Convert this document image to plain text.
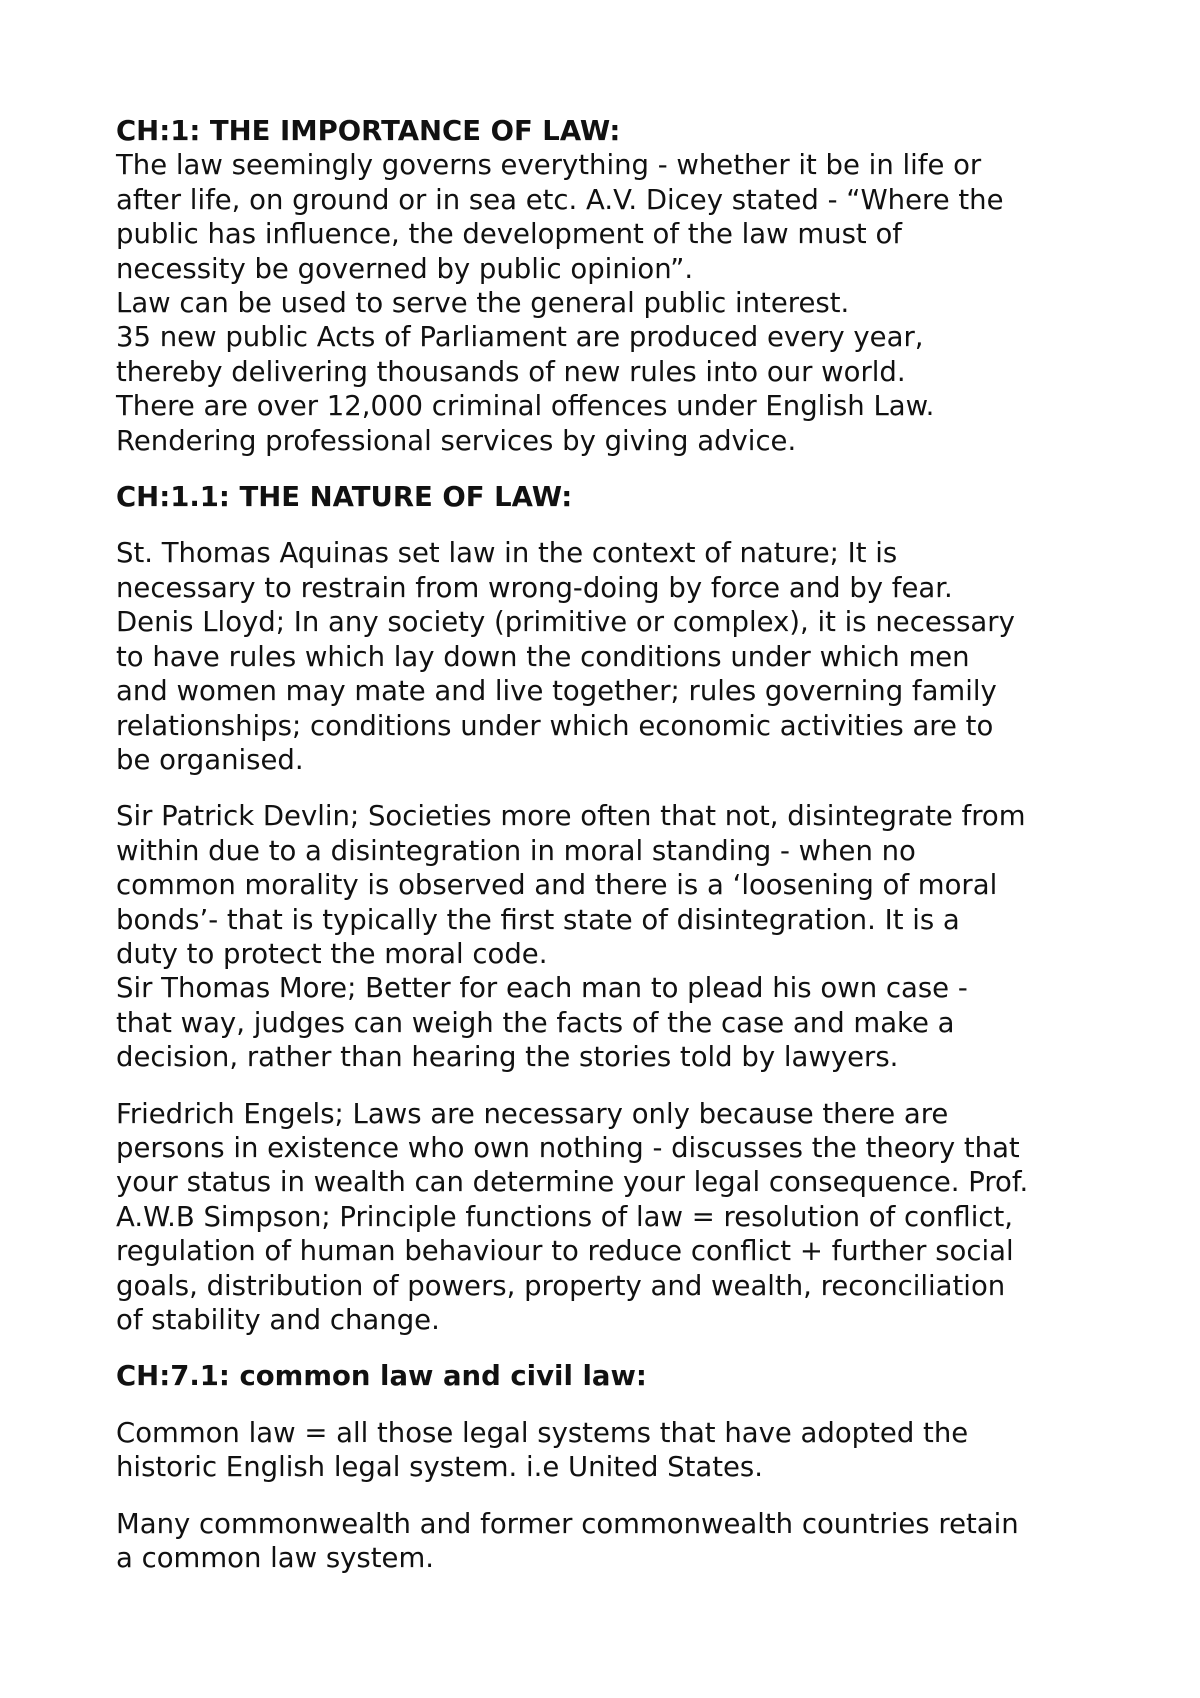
CH:1: THE IMPORTANCE OF LAW:

The law seemingly governs everything - whether it be in life or
after life, on ground or in sea etc. A.V. Dicey stated - “Where the
public has influence, the development of the law must of
necessity be governed by public opinion”.
Law can be used to serve the general public interest.
35 new public Acts of Parliament are produced every year,
thereby delivering thousands of new rules into our world.
There are over 12,000 criminal offences under English Law.
Rendering professional services by giving advice.

CH:1.1: THE NATURE OF LAW:

St. Thomas Aquinas set law in the context of nature; It is
necessary to restrain from wrong-doing by force and by fear.
Denis Lloyd; In any society (primitive or complex), it is necessary
to have rules which lay down the conditions under which men
and women may mate and live together; rules governing family
relationships; conditions under which economic activities are to
be organised.

Sir Patrick Devlin; Societies more often that not, disintegrate from
within due to a disintegration in moral standing - when no
common morality is observed and there is a ‘loosening of moral
bonds’- that is typically the first state of disintegration. It is a
duty to protect the moral code.
Sir Thomas More; Better for each man to plead his own case -
that way, judges can weigh the facts of the case and make a
decision, rather than hearing the stories told by lawyers.

Friedrich Engels; Laws are necessary only because there are
persons in existence who own nothing - discusses the theory that
your status in wealth can determine your legal consequence. Prof.
A.W.B Simpson; Principle functions of law = resolution of conflict,
regulation of human behaviour to reduce conflict + further social
goals, distribution of powers, property and wealth, reconciliation
of stability and change.

CH:7.1: common law and civil law:

Common law = all those legal systems that have adopted the
historic English legal system. i.e United States.

Many commonwealth and former commonwealth countries retain
a common law system.
